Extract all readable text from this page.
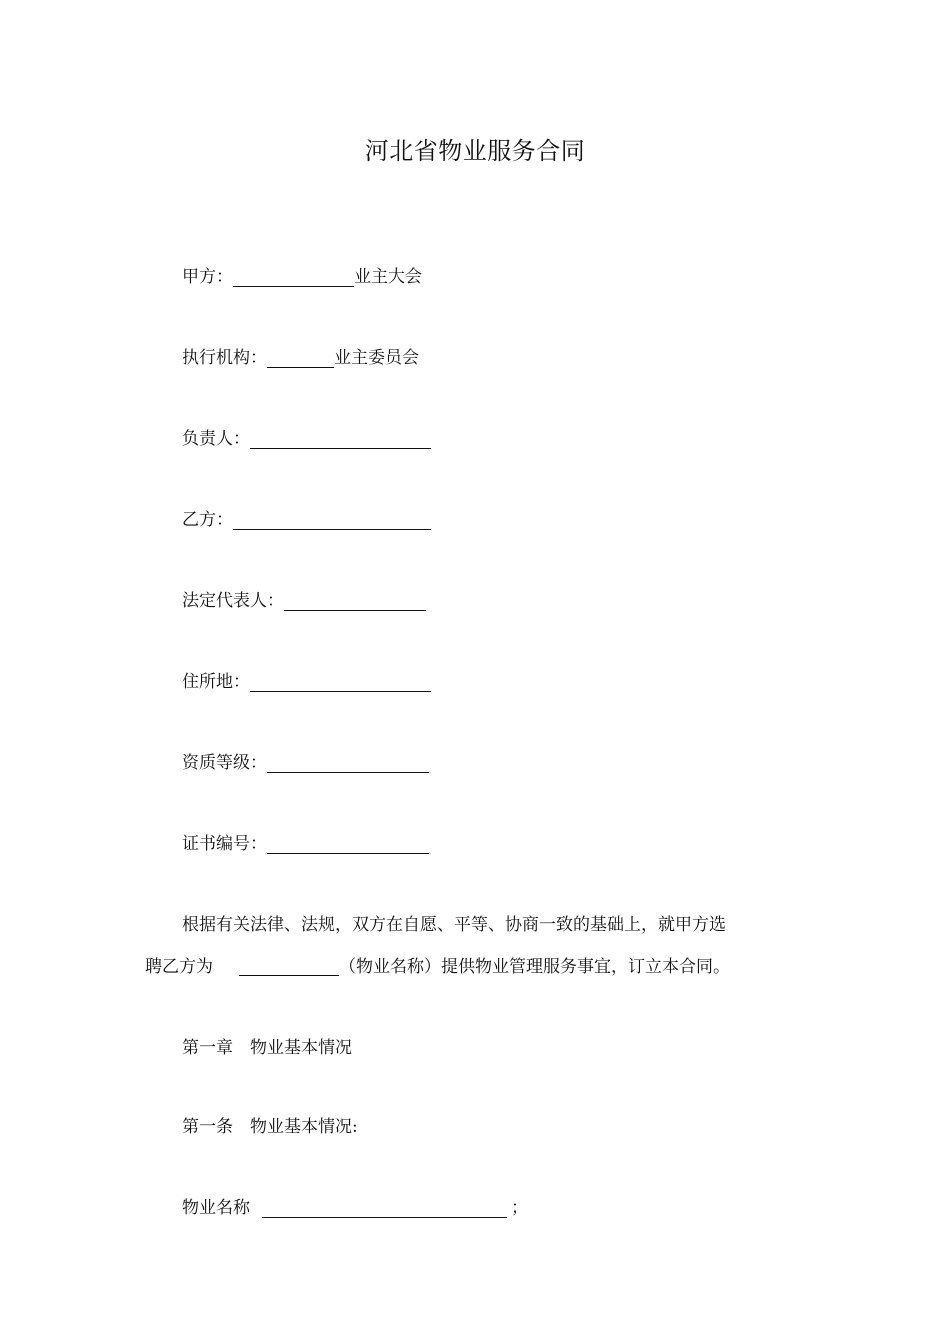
河北省物业服务合同
甲方：	业主大会
执行机构：	业主委员会
负责人：
乙方：
法定代表人：
住所地：
资质等级：
证书编号：
根据有关法律、法规，双方在自愿、平等、协商一致的基础上，就甲方选
聘乙方为	（物业名称）提供物业管理服务事宜，订立本合同。
第一章　物业基本情况
第一条　物业基本情况:
物业名称	；
